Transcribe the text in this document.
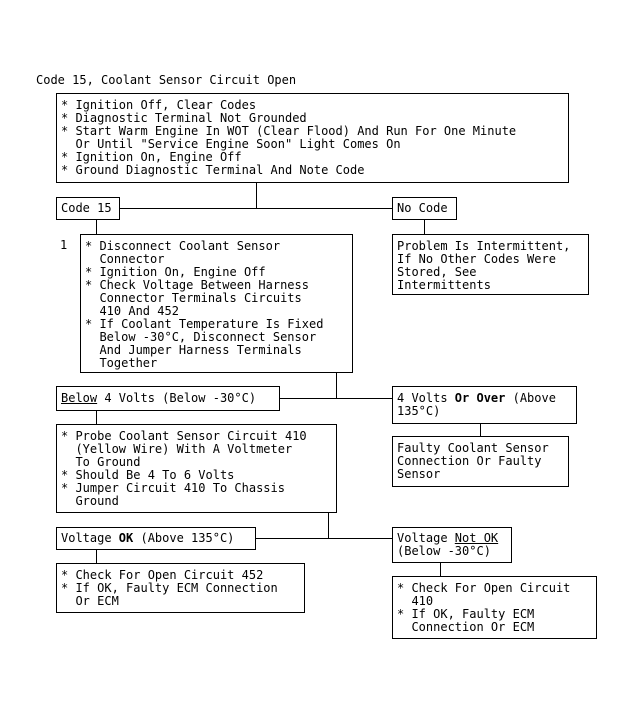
Code 15, Coolant Sensor Circuit Open
* Ignition Off, Clear Codes
* Diagnostic Terminal Not Grounded
* Start Warm Engine In WOT (Clear Flood) And Run For One Minute
Or Until "Service Engine Soon" Light Comes On
* Ignition On, Engine Off
* Ground Diagnostic Terminal And Note Code
Code 15	No Code
1 * Disconnect Coolant Sensor
Connector
* Ignition On, Engine Off
* Check Voltage Between Harness
Connector Terminals Circuits
410 And 452
* If Coolant Temperature Is Fixed
Below -30°C, Disconnect Sensor
And Jumper Harness Terminals
Together
Problem Is Intermittent,
If No Other Codes Were
Stored, See
Intermittents
Below 4 Volts (Below -30°C)	4 Volts Or Over (Above
135°C)
* Probe Coolant Sensor Circuit 410
(Yellow Wire) With A Voltmeter
To Ground
* Should Be 4 To 6 Volts
* Jumper Circuit 410 To Chassis
Ground
Faulty Coolant Sensor
Connection Or Faulty
Sensor
Voltage OK (Above 135°C)	Voltage Not OK
(Below -30°C)
* Check For Open Circuit 452
* If OK, Faulty ECM Connection
Or ECM
* Check For Open Circuit
410
* If OK, Faulty ECM
Connection Or ECM
